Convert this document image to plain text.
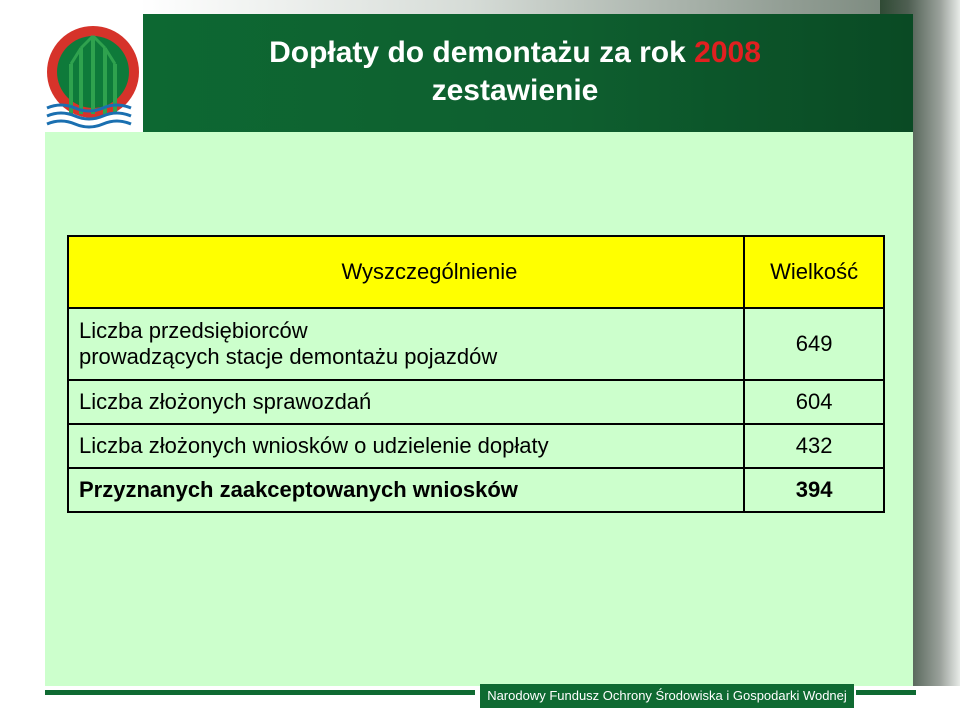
Dopłaty do demontażu za rok 2008
zestawienie
Wyszczególnienie	Wielkość
Liczba przedsiębiorców
prowadzących stacje demontażu pojazdów	649
Liczba złożonych sprawozdań	604
Liczba złożonych wniosków o udzielenie dopłaty	432
Przyznanych zaakceptowanych wniosków	394
Narodowy Fundusz Ochrony Środowiska i Gospodarki Wodnej
